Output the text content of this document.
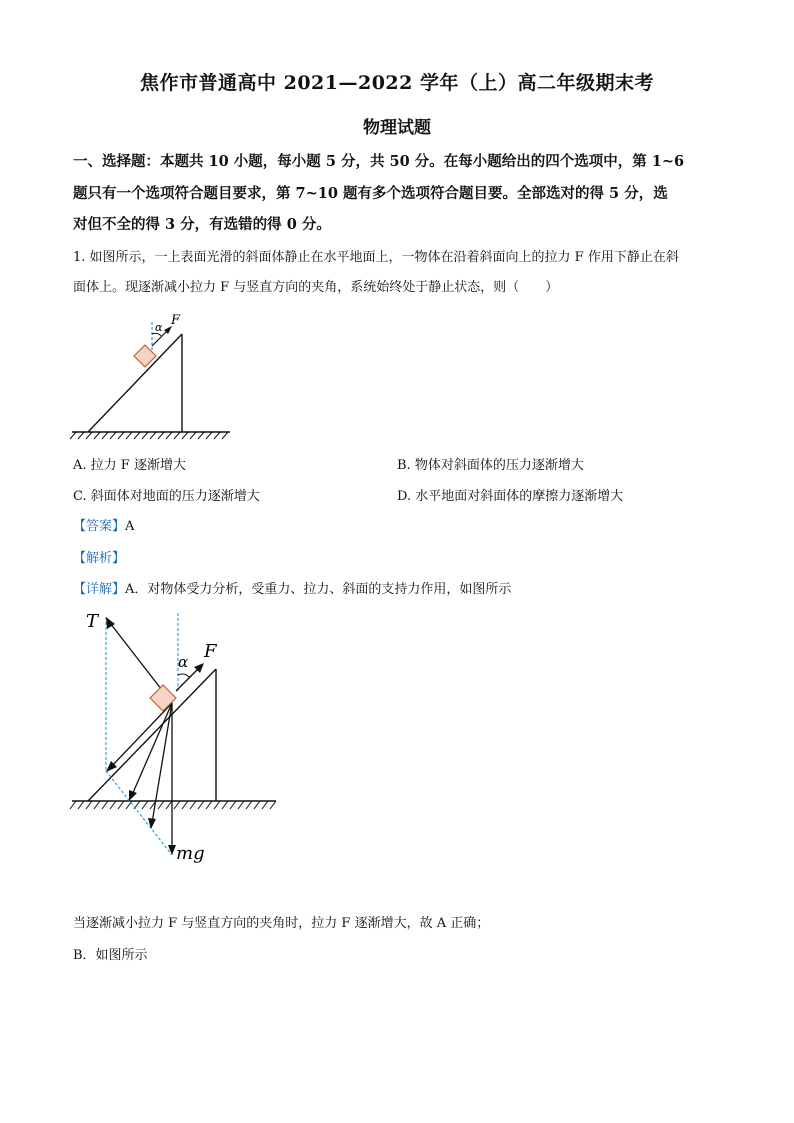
焦作市普通高中 2021—2022 学年（上）高二年级期末考
物理试题
一、选择题：本题共 10 小题，每小题 5 分，共 50 分。在每小题给出的四个选项中，第 1~6
题只有一个选项符合题目要求，第 7~10 题有多个选项符合题目要。全部选对的得 5 分，选
对但不全的得 3 分，有选错的得 0 分。
1. 如图所示，一上表面光滑的斜面体静止在水平地面上，一物体在沿着斜面向上的拉力 F 作用下静止在斜
面体上。现逐渐减小拉力 F 与竖直方向的夹角，系统始终处于静止状态，则（　　）
α F
A. 拉力 F 逐渐增大	B. 物体对斜面体的压力逐渐增大
C. 斜面体对地面的压力逐渐增大	D. 水平地面对斜面体的摩擦力逐渐增大
【答案】A
【解析】
【详解】A．对物体受力分析，受重力、拉力、斜面的支持力作用，如图所示
T
α F
mg
当逐渐减小拉力 F 与竖直方向的夹角时，拉力 F 逐渐增大，故 A 正确；
B．如图所示
